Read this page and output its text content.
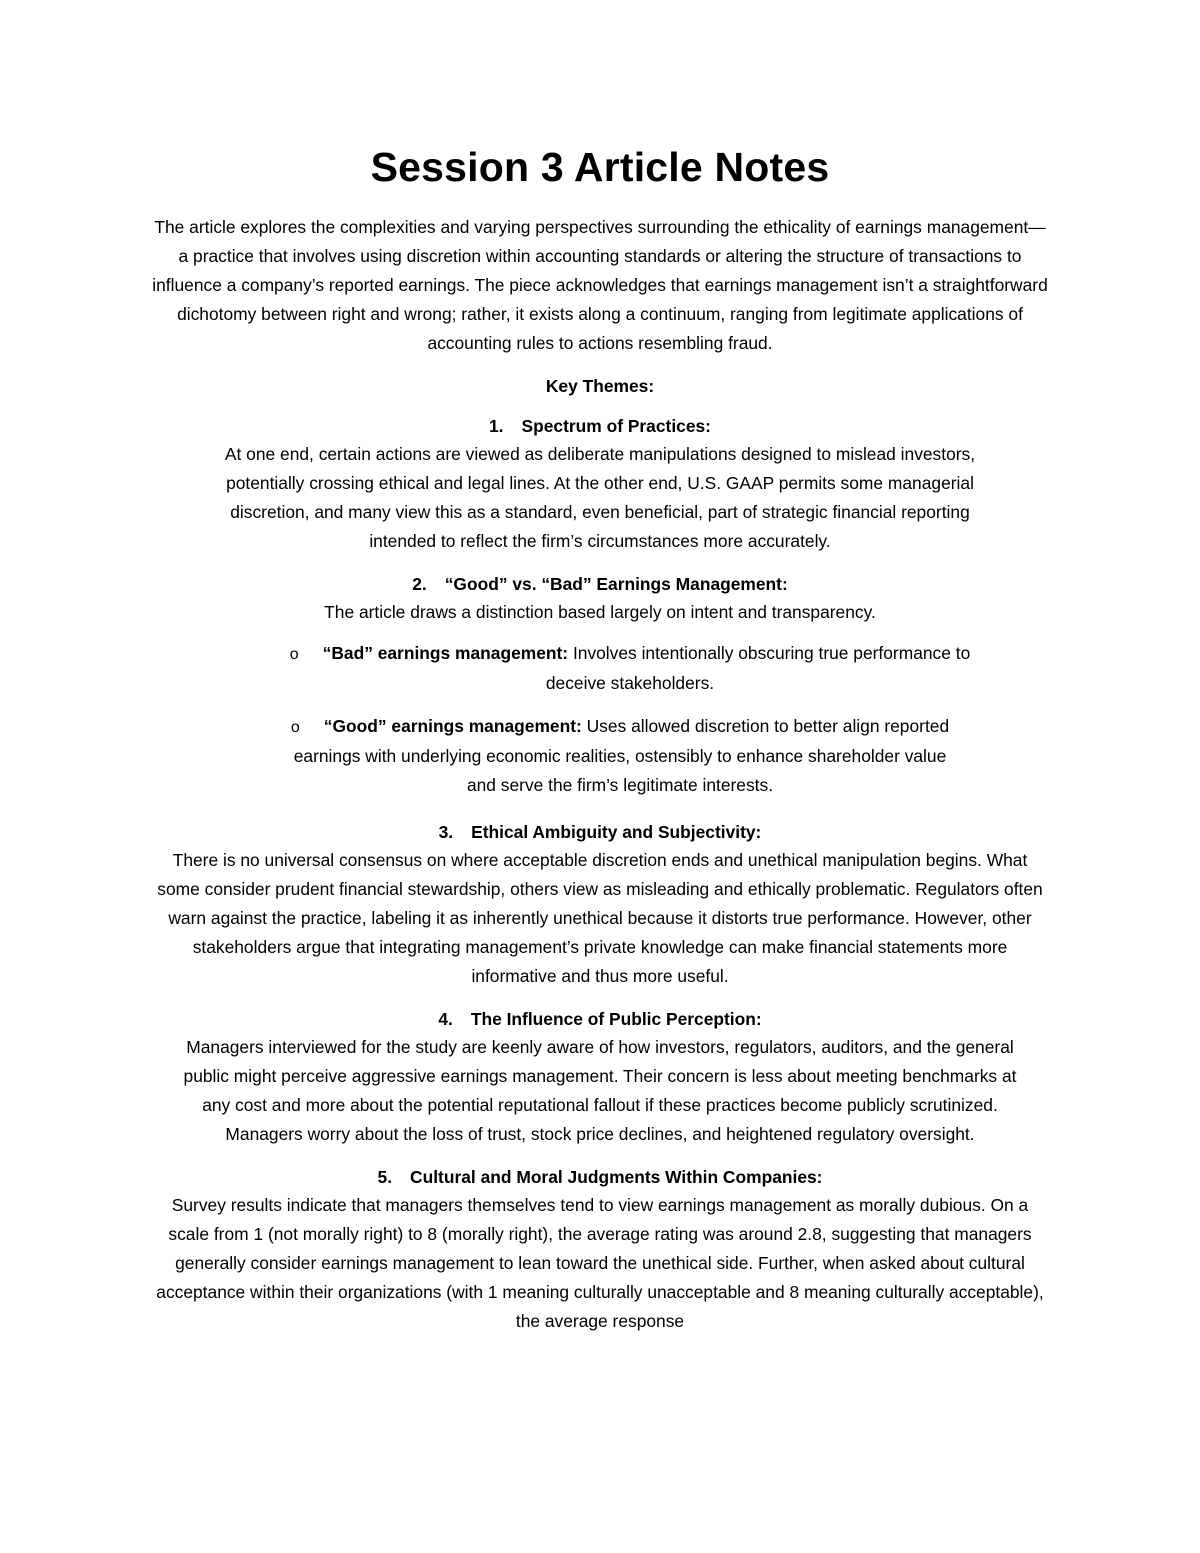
Session 3 Article Notes

The article explores the complexities and varying perspectives surrounding the ethicality of earnings management—a practice that involves using discretion within accounting standards or altering the structure of transactions to influence a company’s reported earnings. The piece acknowledges that earnings management isn’t a straightforward dichotomy between right and wrong; rather, it exists along a continuum, ranging from legitimate applications of accounting rules to actions resembling fraud.

Key Themes:
1. Spectrum of Practices:
At one end, certain actions are viewed as deliberate manipulations designed to mislead investors, potentially crossing ethical and legal lines. At the other end, U.S. GAAP permits some managerial discretion, and many view this as a standard, even beneficial, part of strategic financial reporting intended to reflect the firm’s circumstances more accurately.
2. “Good” vs. “Bad” Earnings Management:
The article draws a distinction based largely on intent and transparency.
o “Bad” earnings management: Involves intentionally obscuring true performance to deceive stakeholders.
o “Good” earnings management: Uses allowed discretion to better align reported earnings with underlying economic realities, ostensibly to enhance shareholder value and serve the firm’s legitimate interests.
3. Ethical Ambiguity and Subjectivity:
There is no universal consensus on where acceptable discretion ends and unethical manipulation begins. What some consider prudent financial stewardship, others view as misleading and ethically problematic. Regulators often warn against the practice, labeling it as inherently unethical because it distorts true performance. However, other stakeholders argue that integrating management’s private knowledge can make financial statements more informative and thus more useful.
4. The Influence of Public Perception:
Managers interviewed for the study are keenly aware of how investors, regulators, auditors, and the general public might perceive aggressive earnings management. Their concern is less about meeting benchmarks at any cost and more about the potential reputational fallout if these practices become publicly scrutinized. Managers worry about the loss of trust, stock price declines, and heightened regulatory oversight.
5. Cultural and Moral Judgments Within Companies:
Survey results indicate that managers themselves tend to view earnings management as morally dubious. On a scale from 1 (not morally right) to 8 (morally right), the average rating was around 2.8, suggesting that managers generally consider earnings management to lean toward the unethical side. Further, when asked about cultural acceptance within their organizations (with 1 meaning culturally unacceptable and 8 meaning culturally acceptable), the average response
